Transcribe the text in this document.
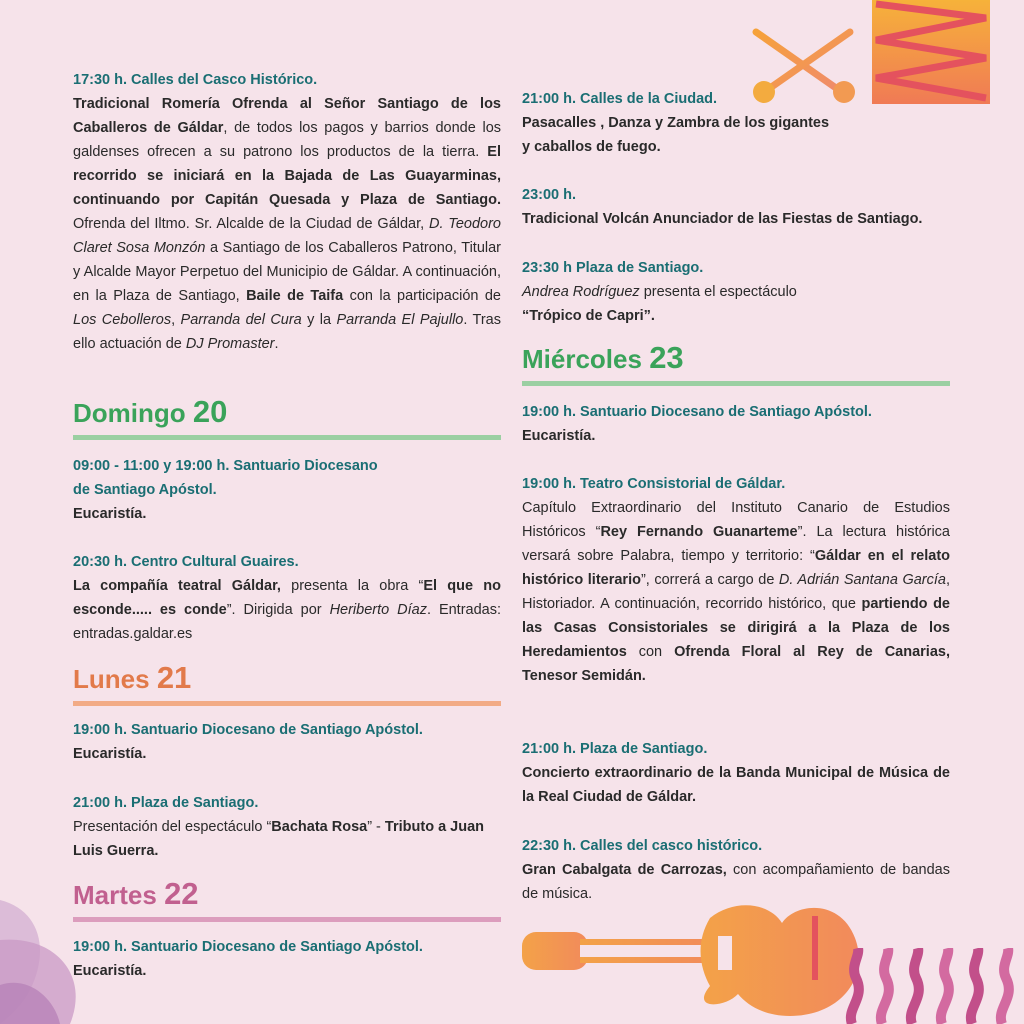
17:30 h. Calles del Casco Histórico.
Tradicional Romería Ofrenda al Señor Santiago de los Caballeros de Gáldar, de todos los pagos y barrios donde los galdenses ofrecen a su patrono los productos de la tierra. El recorrido se iniciará en la Bajada de Las Guayarminas, continuando por Capitán Quesada y Plaza de Santiago. Ofrenda del Iltmo. Sr. Alcalde de la Ciudad de Gáldar, D. Teodoro Claret Sosa Monzón a Santiago de los Caballeros Patrono, Titular y Alcalde Mayor Perpetuo del Municipio de Gáldar. A continuación, en la Plaza de Santiago, Baile de Taifa con la participación de Los Cebolleros, Parranda del Cura y la Parranda El Pajullo. Tras ello actuación de DJ Promaster.
Domingo 20
09:00 - 11:00 y 19:00 h. Santuario Diocesano
de Santiago Apóstol.
Eucaristía.
20:30 h. Centro Cultural Guaires.
La compañía teatral Gáldar, presenta la obra “El que no esconde..... es conde”. Dirigida por Heriberto Díaz. Entradas: entradas.galdar.es
Lunes 21
19:00 h. Santuario Diocesano de Santiago Apóstol.
Eucaristía.
21:00 h. Plaza de Santiago.
Presentación del espectáculo “Bachata Rosa” - Tributo a Juan Luis Guerra.
Martes 22
19:00 h. Santuario Diocesano de Santiago Apóstol.
Eucaristía.
21:00 h. Calles de la Ciudad.
Pasacalles , Danza y Zambra de los gigantes
y caballos de fuego.
23:00 h.
Tradicional Volcán Anunciador de las Fiestas de Santiago.
23:30 h Plaza de Santiago.
Andrea Rodríguez presenta el espectáculo
“Trópico de Capri”.
Miércoles 23
19:00 h. Santuario Diocesano de Santiago Apóstol.
Eucaristía.
19:00 h. Teatro Consistorial de Gáldar.
Capítulo Extraordinario del Instituto Canario de Estudios Históricos “Rey Fernando Guanarteme”. La lectura histórica versará sobre Palabra, tiempo y territorio: “Gáldar en el relato histórico literario”, correrá a cargo de D. Adrián Santana García, Historiador. A continuación, recorrido histórico, que partiendo de las Casas Consistoriales se dirigirá a la Plaza de los Heredamientos con Ofrenda Floral al Rey de Canarias, Tenesor Semidán.
21:00 h. Plaza de Santiago.
Concierto extraordinario de la Banda Municipal de Música de la Real Ciudad de Gáldar.
22:30 h. Calles del casco histórico.
Gran Cabalgata de Carrozas, con acompañamiento de bandas de música.
